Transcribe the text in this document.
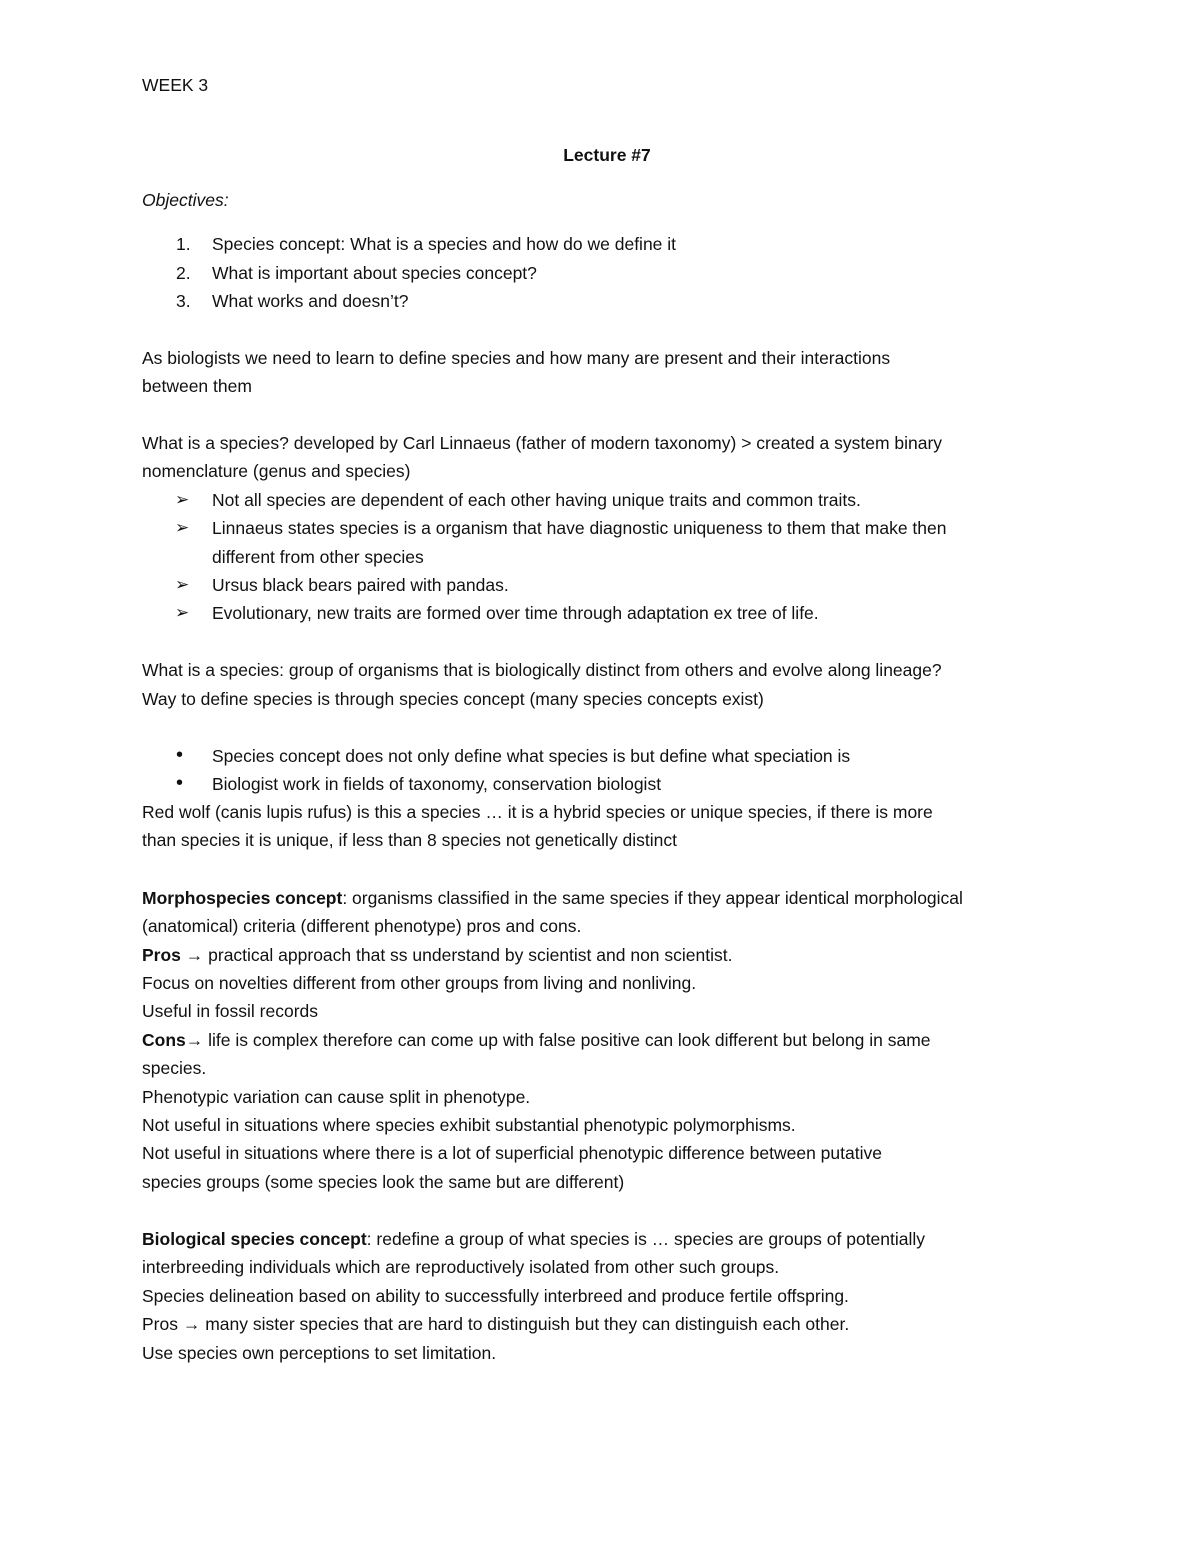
WEEK 3
Lecture #7
Objectives:
1. Species concept: What is a species and how do we define it
2. What is important about species concept?
3. What works and doesn’t?
As biologists we need to learn to define species and how many are present and their interactions
between them
What is a species? developed by Carl Linnaeus (father of modern taxonomy) > created a system binary
nomenclature (genus and species)
➢ Not all species are dependent of each other having unique traits and common traits.
➢ Linnaeus states species is a organism that have diagnostic uniqueness to them that make then
different from other species
➢ Ursus black bears paired with pandas.
➢ Evolutionary, new traits are formed over time through adaptation ex tree of life.
What is a species: group of organisms that is biologically distinct from others and evolve along lineage?
Way to define species is through species concept (many species concepts exist)
• Species concept does not only define what species is but define what speciation is
• Biologist work in fields of taxonomy, conservation biologist
Red wolf (canis lupis rufus) is this a species … it is a hybrid species or unique species, if there is more
than species it is unique, if less than 8 species not genetically distinct
Morphospecies concept: organisms classified in the same species if they appear identical morphological
(anatomical) criteria (different phenotype) pros and cons.
Pros → practical approach that ss understand by scientist and non scientist.
Focus on novelties different from other groups from living and nonliving.
Useful in fossil records
Cons→ life is complex therefore can come up with false positive can look different but belong in same
species.
Phenotypic variation can cause split in phenotype.
Not useful in situations where species exhibit substantial phenotypic polymorphisms.
Not useful in situations where there is a lot of superficial phenotypic difference between putative
species groups (some species look the same but are different)
Biological species concept: redefine a group of what species is … species are groups of potentially
interbreeding individuals which are reproductively isolated from other such groups.
Species delineation based on ability to successfully interbreed and produce fertile offspring.
Pros → many sister species that are hard to distinguish but they can distinguish each other.
Use species own perceptions to set limitation.
